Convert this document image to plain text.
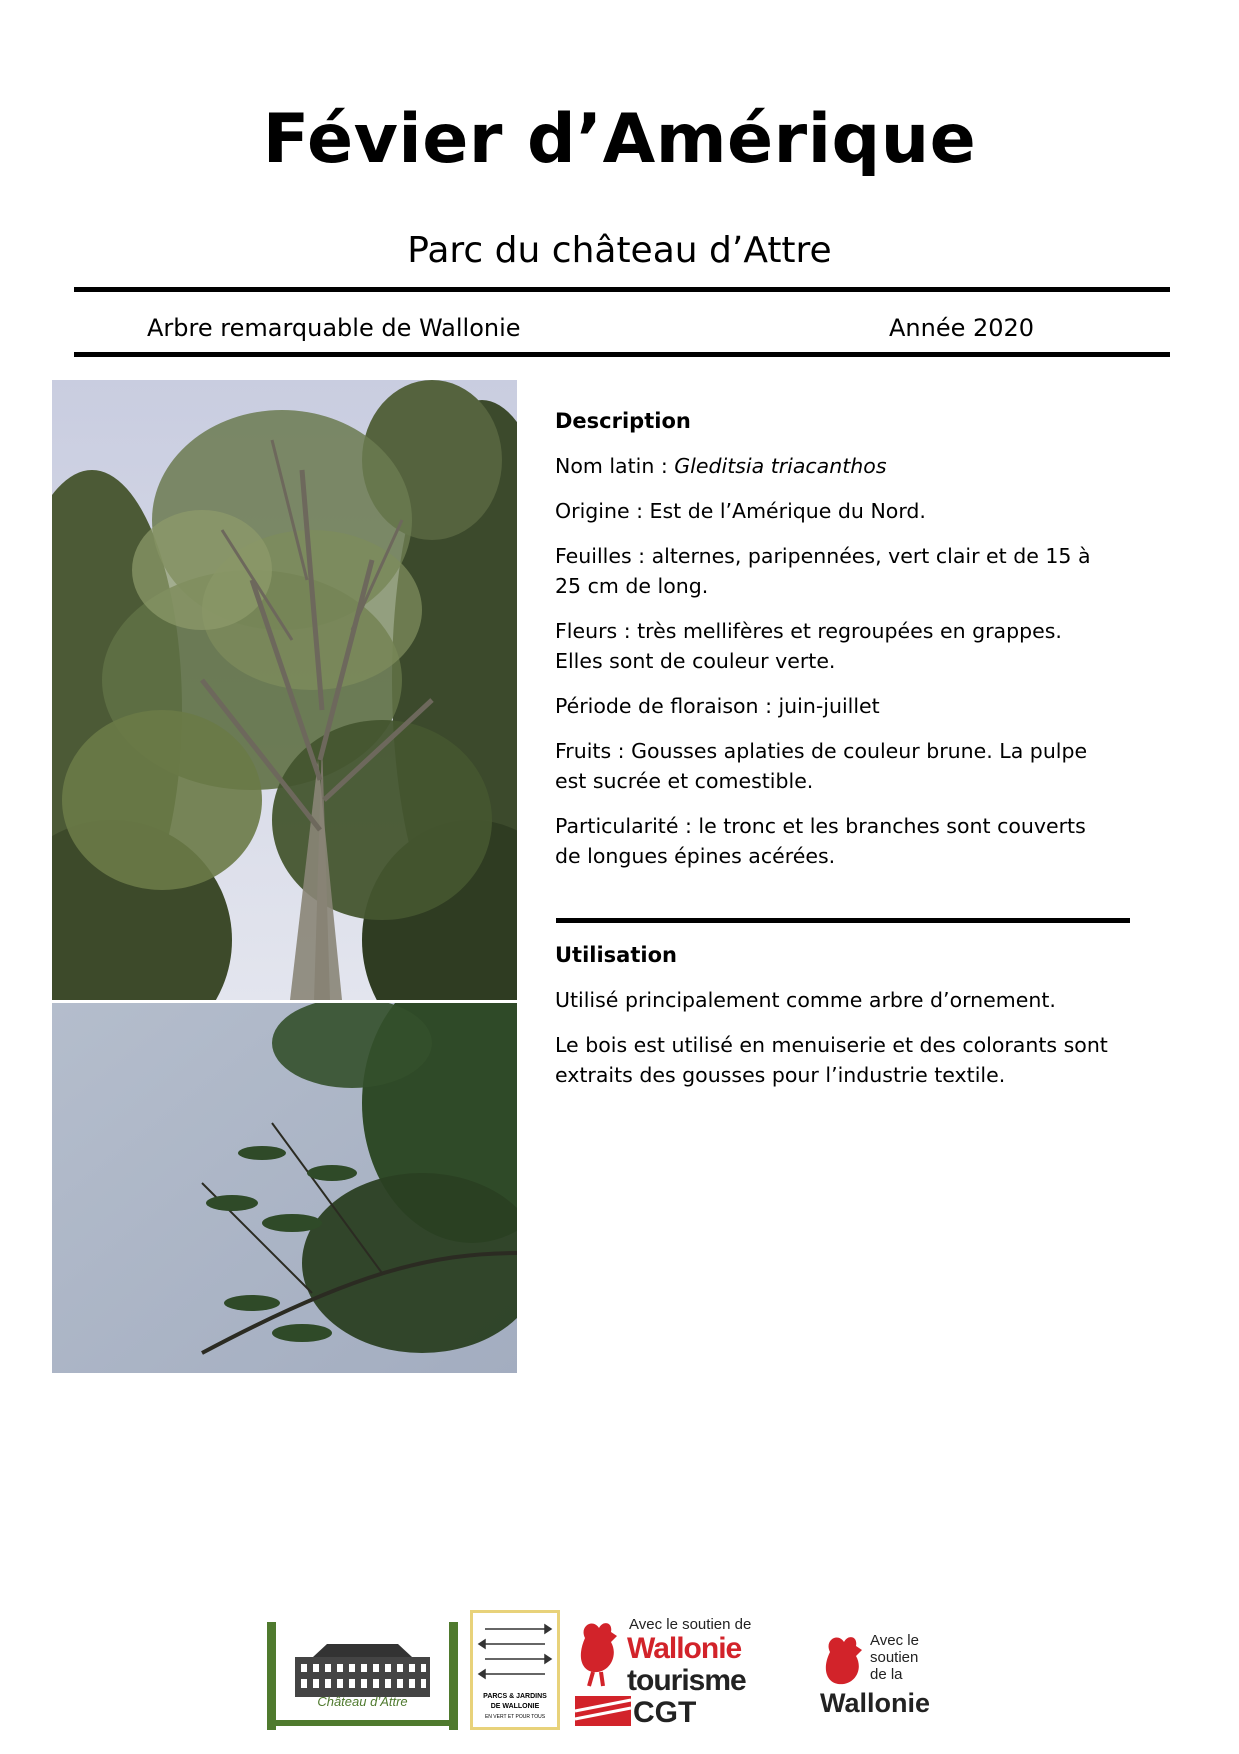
Févier d’Amérique
Parc du château d’Attre
Arbre remarquable de Wallonie	Année 2020
Description

Nom latin : Gleditsia triacanthos

Origine : Est de l’Amérique du Nord.

Feuilles : alternes, paripennées, vert clair et de 15 à 25 cm de long.

Fleurs : très mellifères et regroupées en grappes. Elles sont de couleur verte.

Période de floraison : juin-juillet

Fruits : Gousses aplaties de couleur brune. La pulpe est sucrée et comestible.

Particularité : le tronc et les branches sont couverts de longues épines acérées.

Utilisation

Utilisé principalement comme arbre d’ornement.

Le bois est utilisé en menuiserie et des colorants sont extraits des gousses pour l’industrie textile.

Château d’Attre	PARCS & JARDINS
DE WALLONIE
EN VERT ET POUR TOUS
Avec le soutien de
Wallonie
tourisme
CGT
Avec le
soutien
de la
Wallonie
